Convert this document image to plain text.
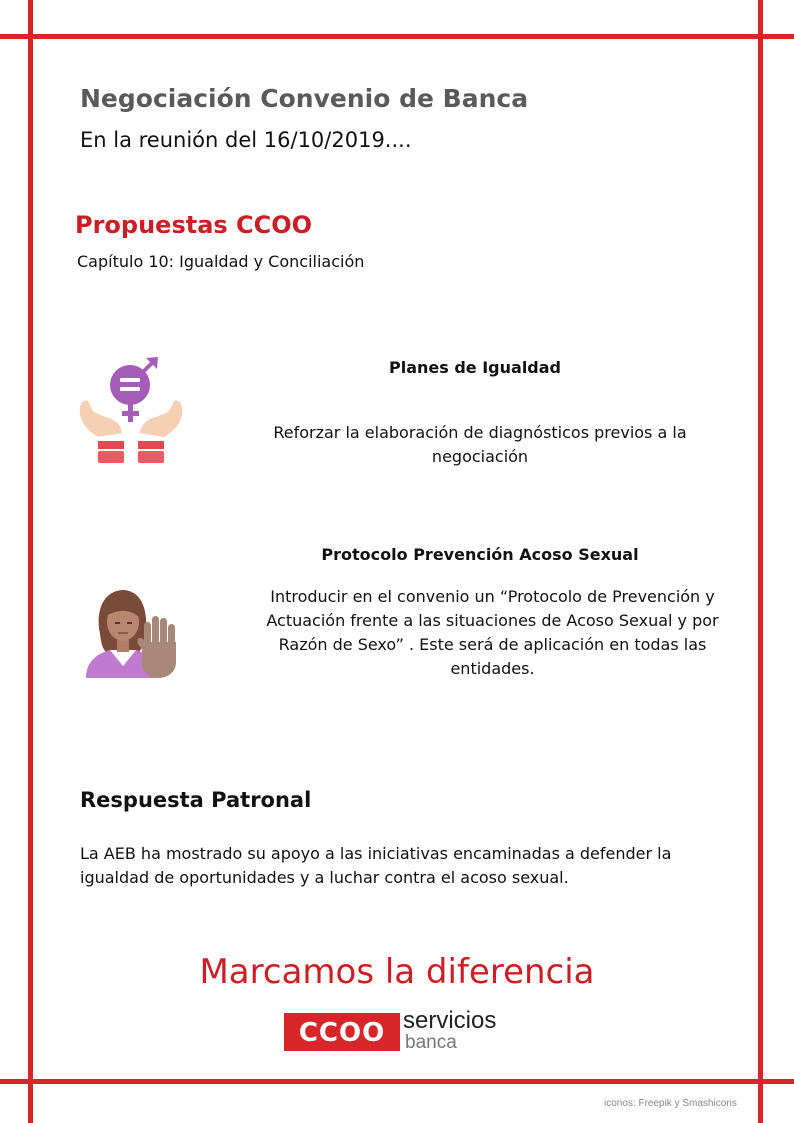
Negociación Convenio de Banca
En la reunión del 16/10/2019....
Propuestas CCOO
Capítulo 10: Igualdad y Conciliación
Planes de Igualdad
Reforzar la elaboración de diagnósticos previos a la negociación
Protocolo Prevención Acoso Sexual
Introducir en el convenio un “Protocolo de Prevención y Actuación frente a las situaciones de Acoso Sexual y por Razón de Sexo” . Este será de aplicación en todas las entidades.
Respuesta Patronal
La AEB ha mostrado su apoyo a las iniciativas encaminadas a defender la igualdad de oportunidades y a luchar contra el acoso sexual.
Marcamos la diferencia
CCOO servicios
banca
iconos: Freepik y Smashicons
